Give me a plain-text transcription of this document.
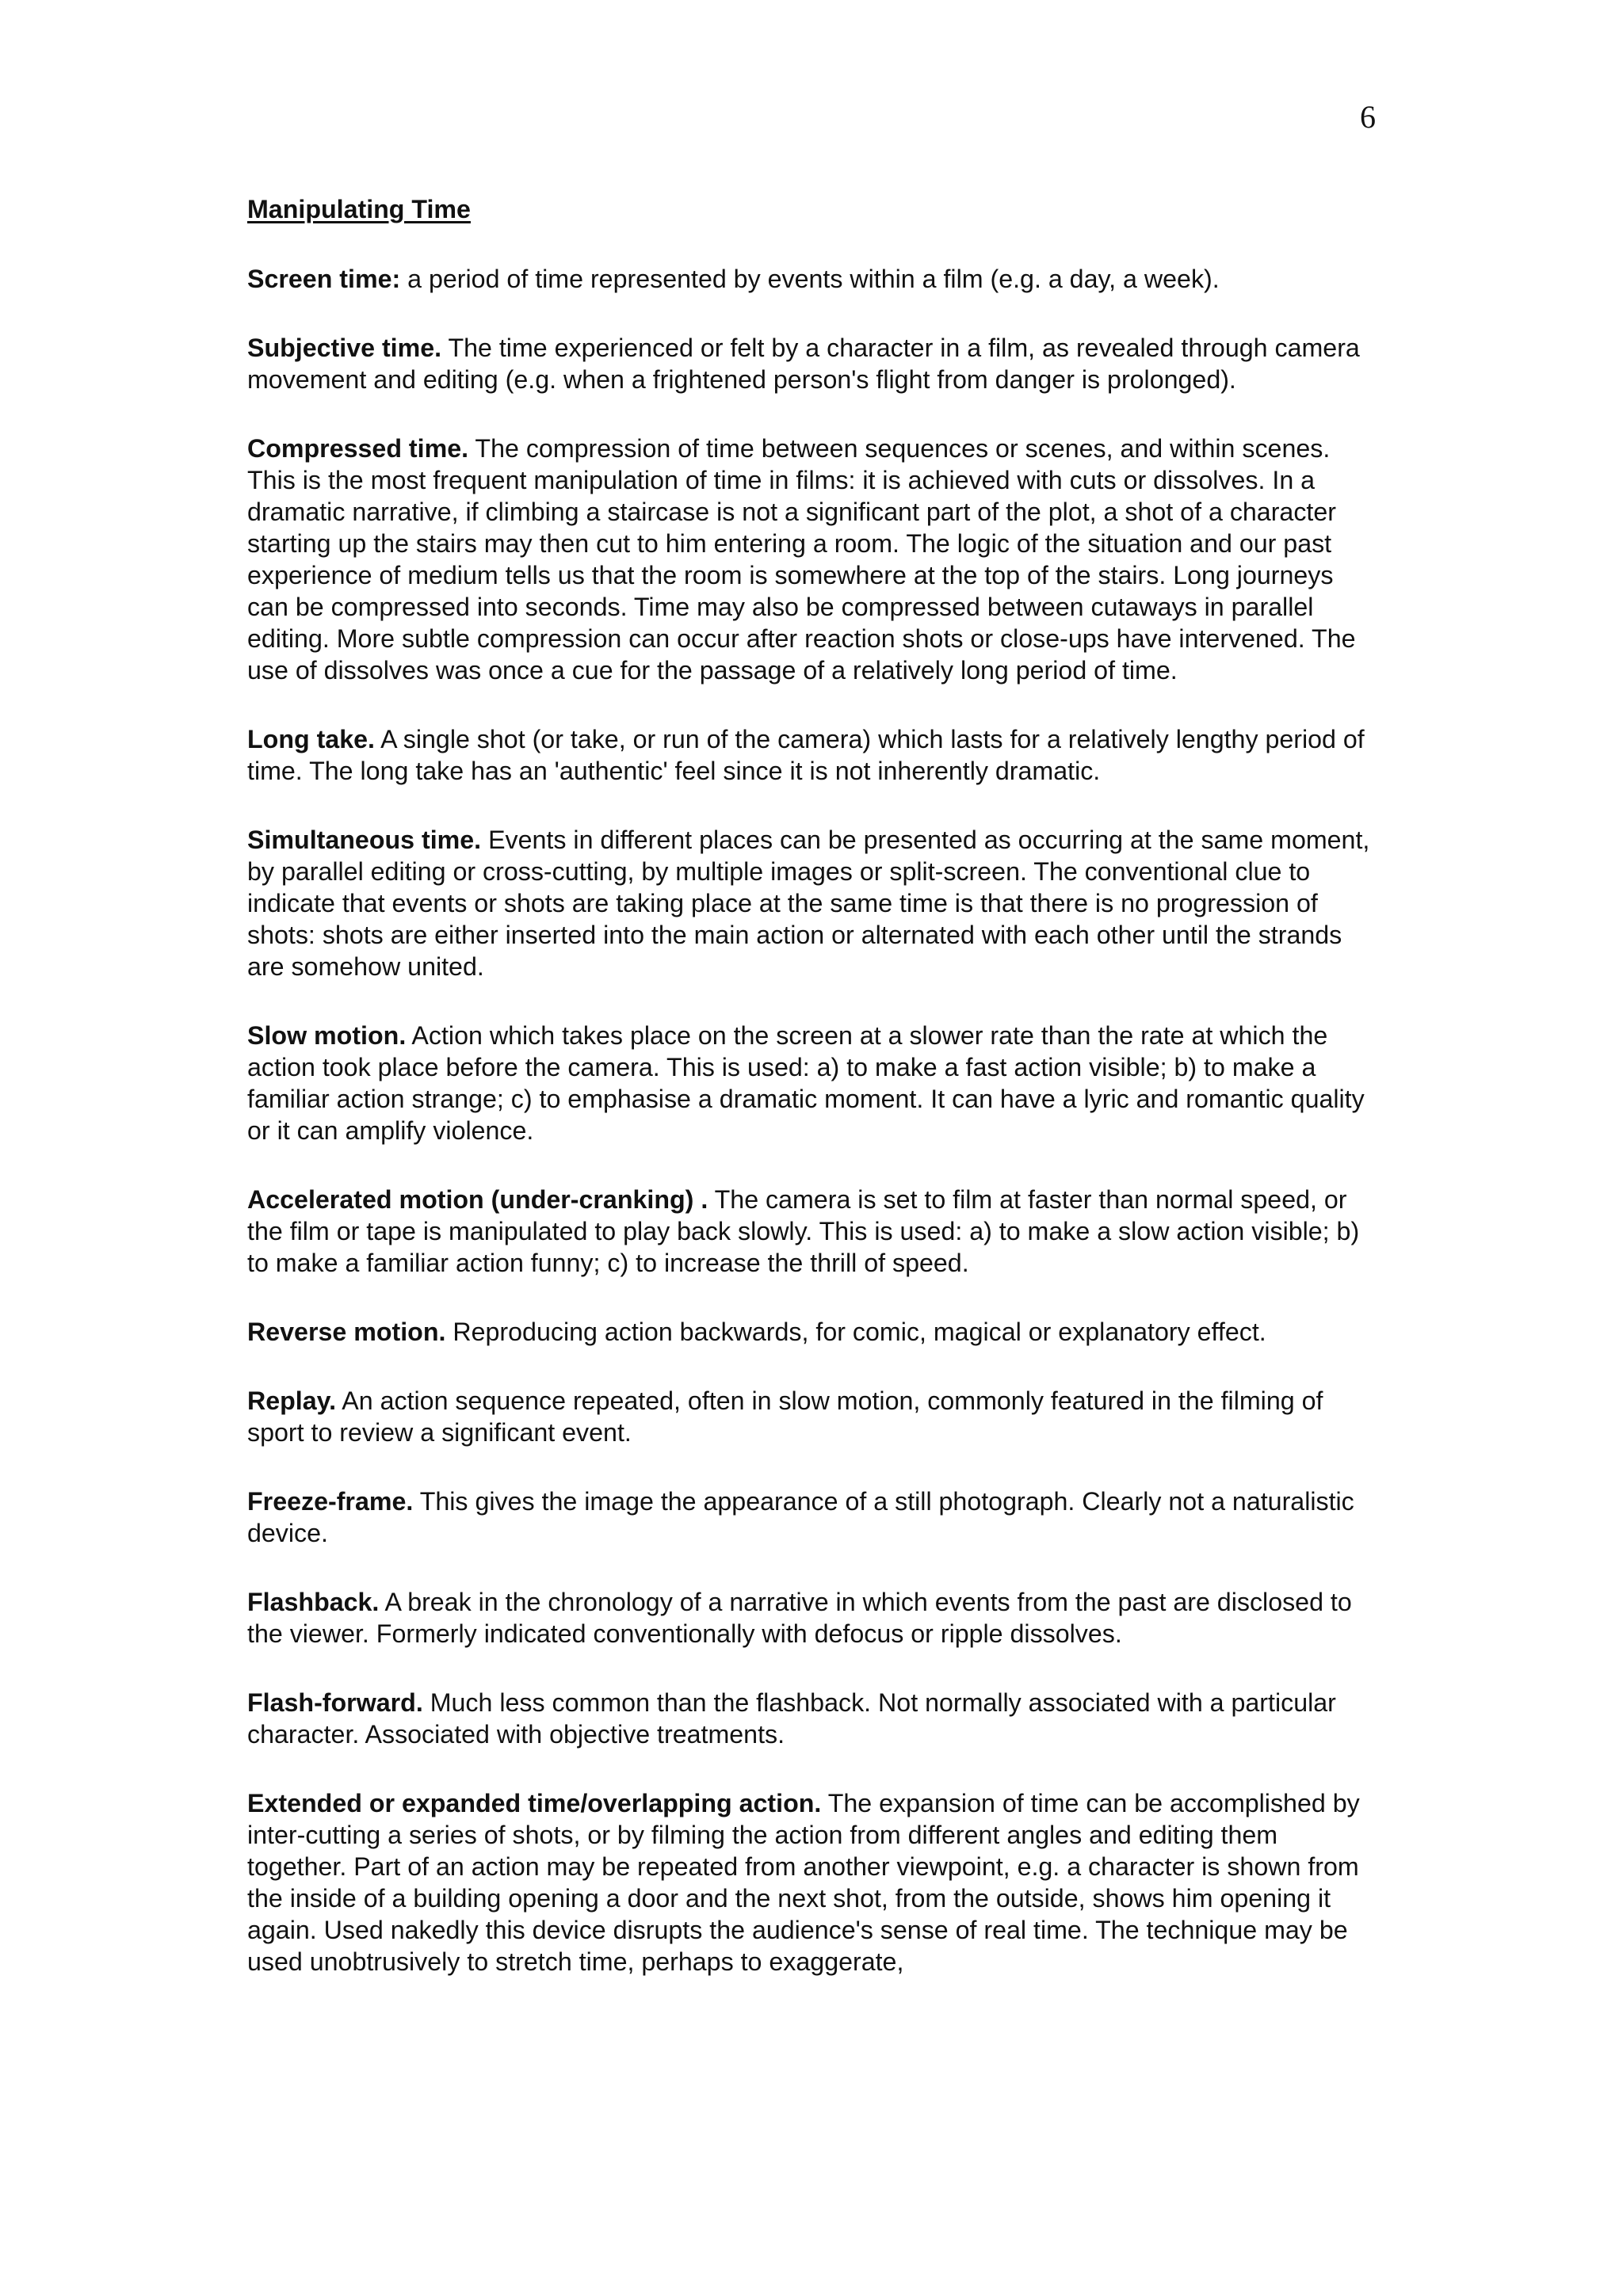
6
Manipulating Time
Screen time: a period of time represented by events within a film (e.g. a day, a week).
Subjective time. The time experienced or felt by a character in a film, as revealed through camera movement and editing (e.g. when a frightened person's flight from danger is prolonged).
Compressed time. The compression of time between sequences or scenes, and within scenes. This is the most frequent manipulation of time in films: it is achieved with cuts or dissolves. In a dramatic narrative, if climbing a staircase is not a significant part of the plot, a shot of a character starting up the stairs may then cut to him entering a room. The logic of the situation and our past experience of medium tells us that the room is somewhere at the top of the stairs. Long journeys can be compressed into seconds. Time may also be compressed between cutaways in parallel editing. More subtle compression can occur after reaction shots or close-ups have intervened. The use of dissolves was once a cue for the passage of a relatively long period of time.
Long take. A single shot (or take, or run of the camera) which lasts for a relatively lengthy period of time. The long take has an 'authentic' feel since it is not inherently dramatic.
Simultaneous time. Events in different places can be presented as occurring at the same moment, by parallel editing or cross-cutting, by multiple images or split-screen. The conventional clue to indicate that events or shots are taking place at the same time is that there is no progression of shots: shots are either inserted into the main action or alternated with each other until the strands are somehow united.
Slow motion. Action which takes place on the screen at a slower rate than the rate at which the action took place before the camera. This is used: a) to make a fast action visible; b) to make a familiar action strange; c) to emphasise a dramatic moment. It can have a lyric and romantic quality or it can amplify violence.
Accelerated motion (under-cranking) . The camera is set to film at faster than normal speed, or the film or tape is manipulated to play back slowly. This is used: a) to make a slow action visible; b) to make a familiar action funny; c) to increase the thrill of speed.
Reverse motion. Reproducing action backwards, for comic, magical or explanatory effect.
Replay. An action sequence repeated, often in slow motion, commonly featured in the filming of sport to review a significant event.
Freeze-frame. This gives the image the appearance of a still photograph. Clearly not a naturalistic device.
Flashback. A break in the chronology of a narrative in which events from the past are disclosed to the viewer. Formerly indicated conventionally with defocus or ripple dissolves.
Flash-forward. Much less common than the flashback. Not normally associated with a particular character. Associated with objective treatments.
Extended or expanded time/overlapping action. The expansion of time can be accomplished by inter-cutting a series of shots, or by filming the action from different angles and editing them together. Part of an action may be repeated from another viewpoint, e.g. a character is shown from the inside of a building opening a door and the next shot, from the outside, shows him opening it again. Used nakedly this device disrupts the audience's sense of real time. The technique may be used unobtrusively to stretch time, perhaps to exaggerate,
